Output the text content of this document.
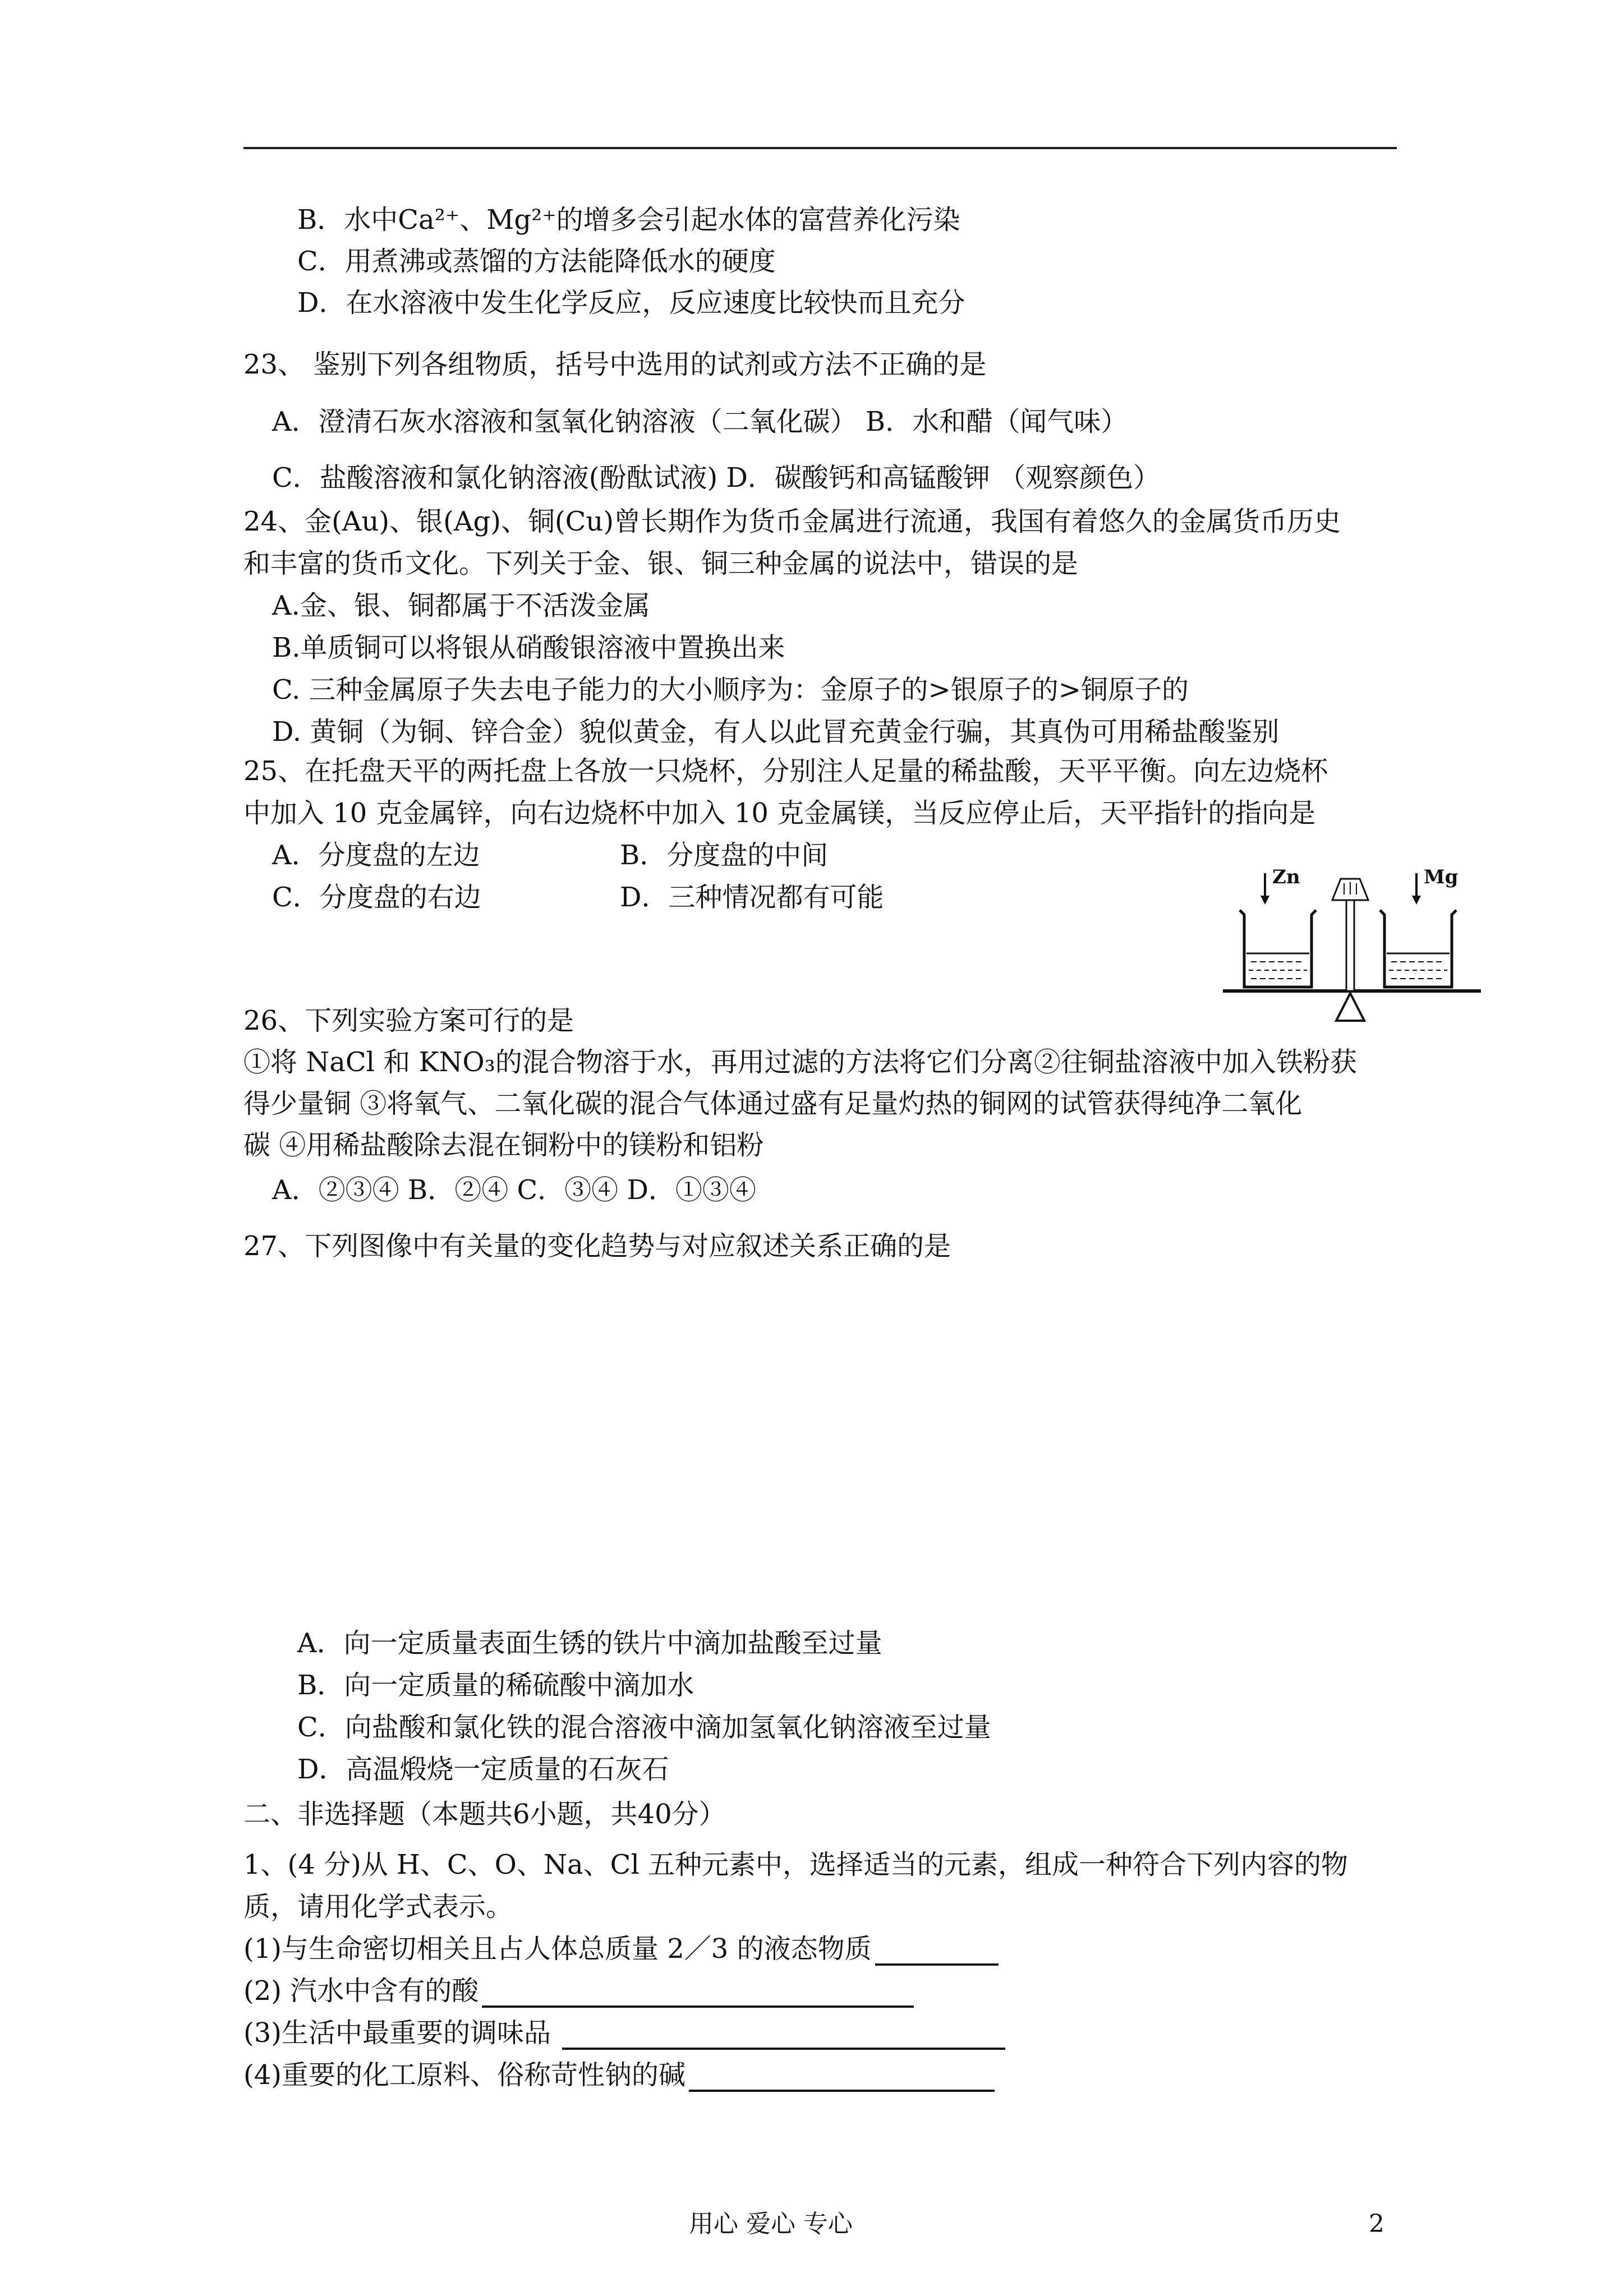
B．水中Ca²⁺、Mg²⁺的增多会引起水体的富营养化污染
C．用煮沸或蒸馏的方法能降低水的硬度
D．在水溶液中发生化学反应，反应速度比较快而且充分
23、 鉴别下列各组物质，括号中选用的试剂或方法不正确的是
A．澄清石灰水溶液和氢氧化钠溶液（二氧化碳） B．水和醋（闻气味）
C．盐酸溶液和氯化钠溶液(酚酞试液) D．碳酸钙和高锰酸钾 （观察颜色）
24、金(Au)、银(Ag)、铜(Cu)曾长期作为货币金属进行流通，我国有着悠久的金属货币历史
和丰富的货币文化。下列关于金、银、铜三种金属的说法中，错误的是
A.金、银、铜都属于不活泼金属
B.单质铜可以将银从硝酸银溶液中置换出来
C. 三种金属原子失去电子能力的大小顺序为：金原子的>银原子的>铜原子的
D. 黄铜（为铜、锌合金）貌似黄金，有人以此冒充黄金行骗，其真伪可用稀盐酸鉴别
25、在托盘天平的两托盘上各放一只烧杯，分别注人足量的稀盐酸，天平平衡。向左边烧杯
中加入 10 克金属锌，向右边烧杯中加入 10 克金属镁，当反应停止后，天平指针的指向是
A．分度盘的左边	B．分度盘的中间
C．分度盘的右边	D．三种情况都有可能
Zn	Mg
26、下列实验方案可行的是
①将 NaCl 和 KNO₃的混合物溶于水，再用过滤的方法将它们分离②往铜盐溶液中加入铁粉获
得少量铜 ③将氧气、二氧化碳的混合气体通过盛有足量灼热的铜网的试管获得纯净二氧化
碳 ④用稀盐酸除去混在铜粉中的镁粉和铝粉
A．②③④ B．②④ C．③④ D．①③④
27、下列图像中有关量的变化趋势与对应叙述关系正确的是
A．向一定质量表面生锈的铁片中滴加盐酸至过量
B．向一定质量的稀硫酸中滴加水
C．向盐酸和氯化铁的混合溶液中滴加氢氧化钠溶液至过量
D．高温煅烧一定质量的石灰石
二、非选择题（本题共6小题，共40分）
1、(4 分)从 H、C、O、Na、Cl 五种元素中，选择适当的元素，组成一种符合下列内容的物
质，请用化学式表示。
(1)与生命密切相关且占人体总质量 2／3 的液态物质
(2) 汽水中含有的酸
(3)生活中最重要的调味品
(4)重要的化工原料、俗称苛性钠的碱
用心 爱心 专心	2
